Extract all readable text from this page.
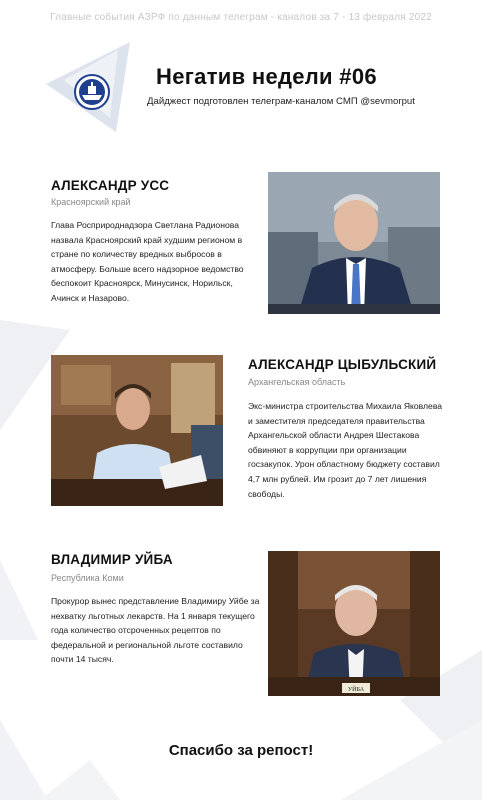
Главные события АЗРФ по данным телеграм - каналов за 7 - 13 февраля 2022
Негатив недели #06
Дайджест подготовлен телеграм-каналом СМП @sevmorput
АЛЕКСАНДР УСС
Красноярский край
Глава Росприроднадзора Светлана Радионова назвала Красноярский край худшим регионом в стране по количеству вредных выбросов в атмосферу. Больше всего надзорное ведомство беспокоит Красноярск, Минусинск, Норильск, Ачинск и Назарово.
АЛЕКСАНДР ЦЫБУЛЬСКИЙ
Архангельская область
Экс-министра строительства Михаила Яковлева и заместителя председателя правительства Архангельской области Андрея Шестакова обвиняют в коррупции при организации госзакупок. Урон областному бюджету составил 4,7 млн рублей. Им грозит до 7 лет лишения свободы.
ВЛАДИМИР УЙБА
Республика Коми
Прокурор вынес представление Владимиру Уйбе за нехватку льготных лекарств. На 1 января текущего года количество отсроченных рецептов по федеральной и региональной льготе составило почти 14 тысяч.
УЙБА
Спасибо за репост!
